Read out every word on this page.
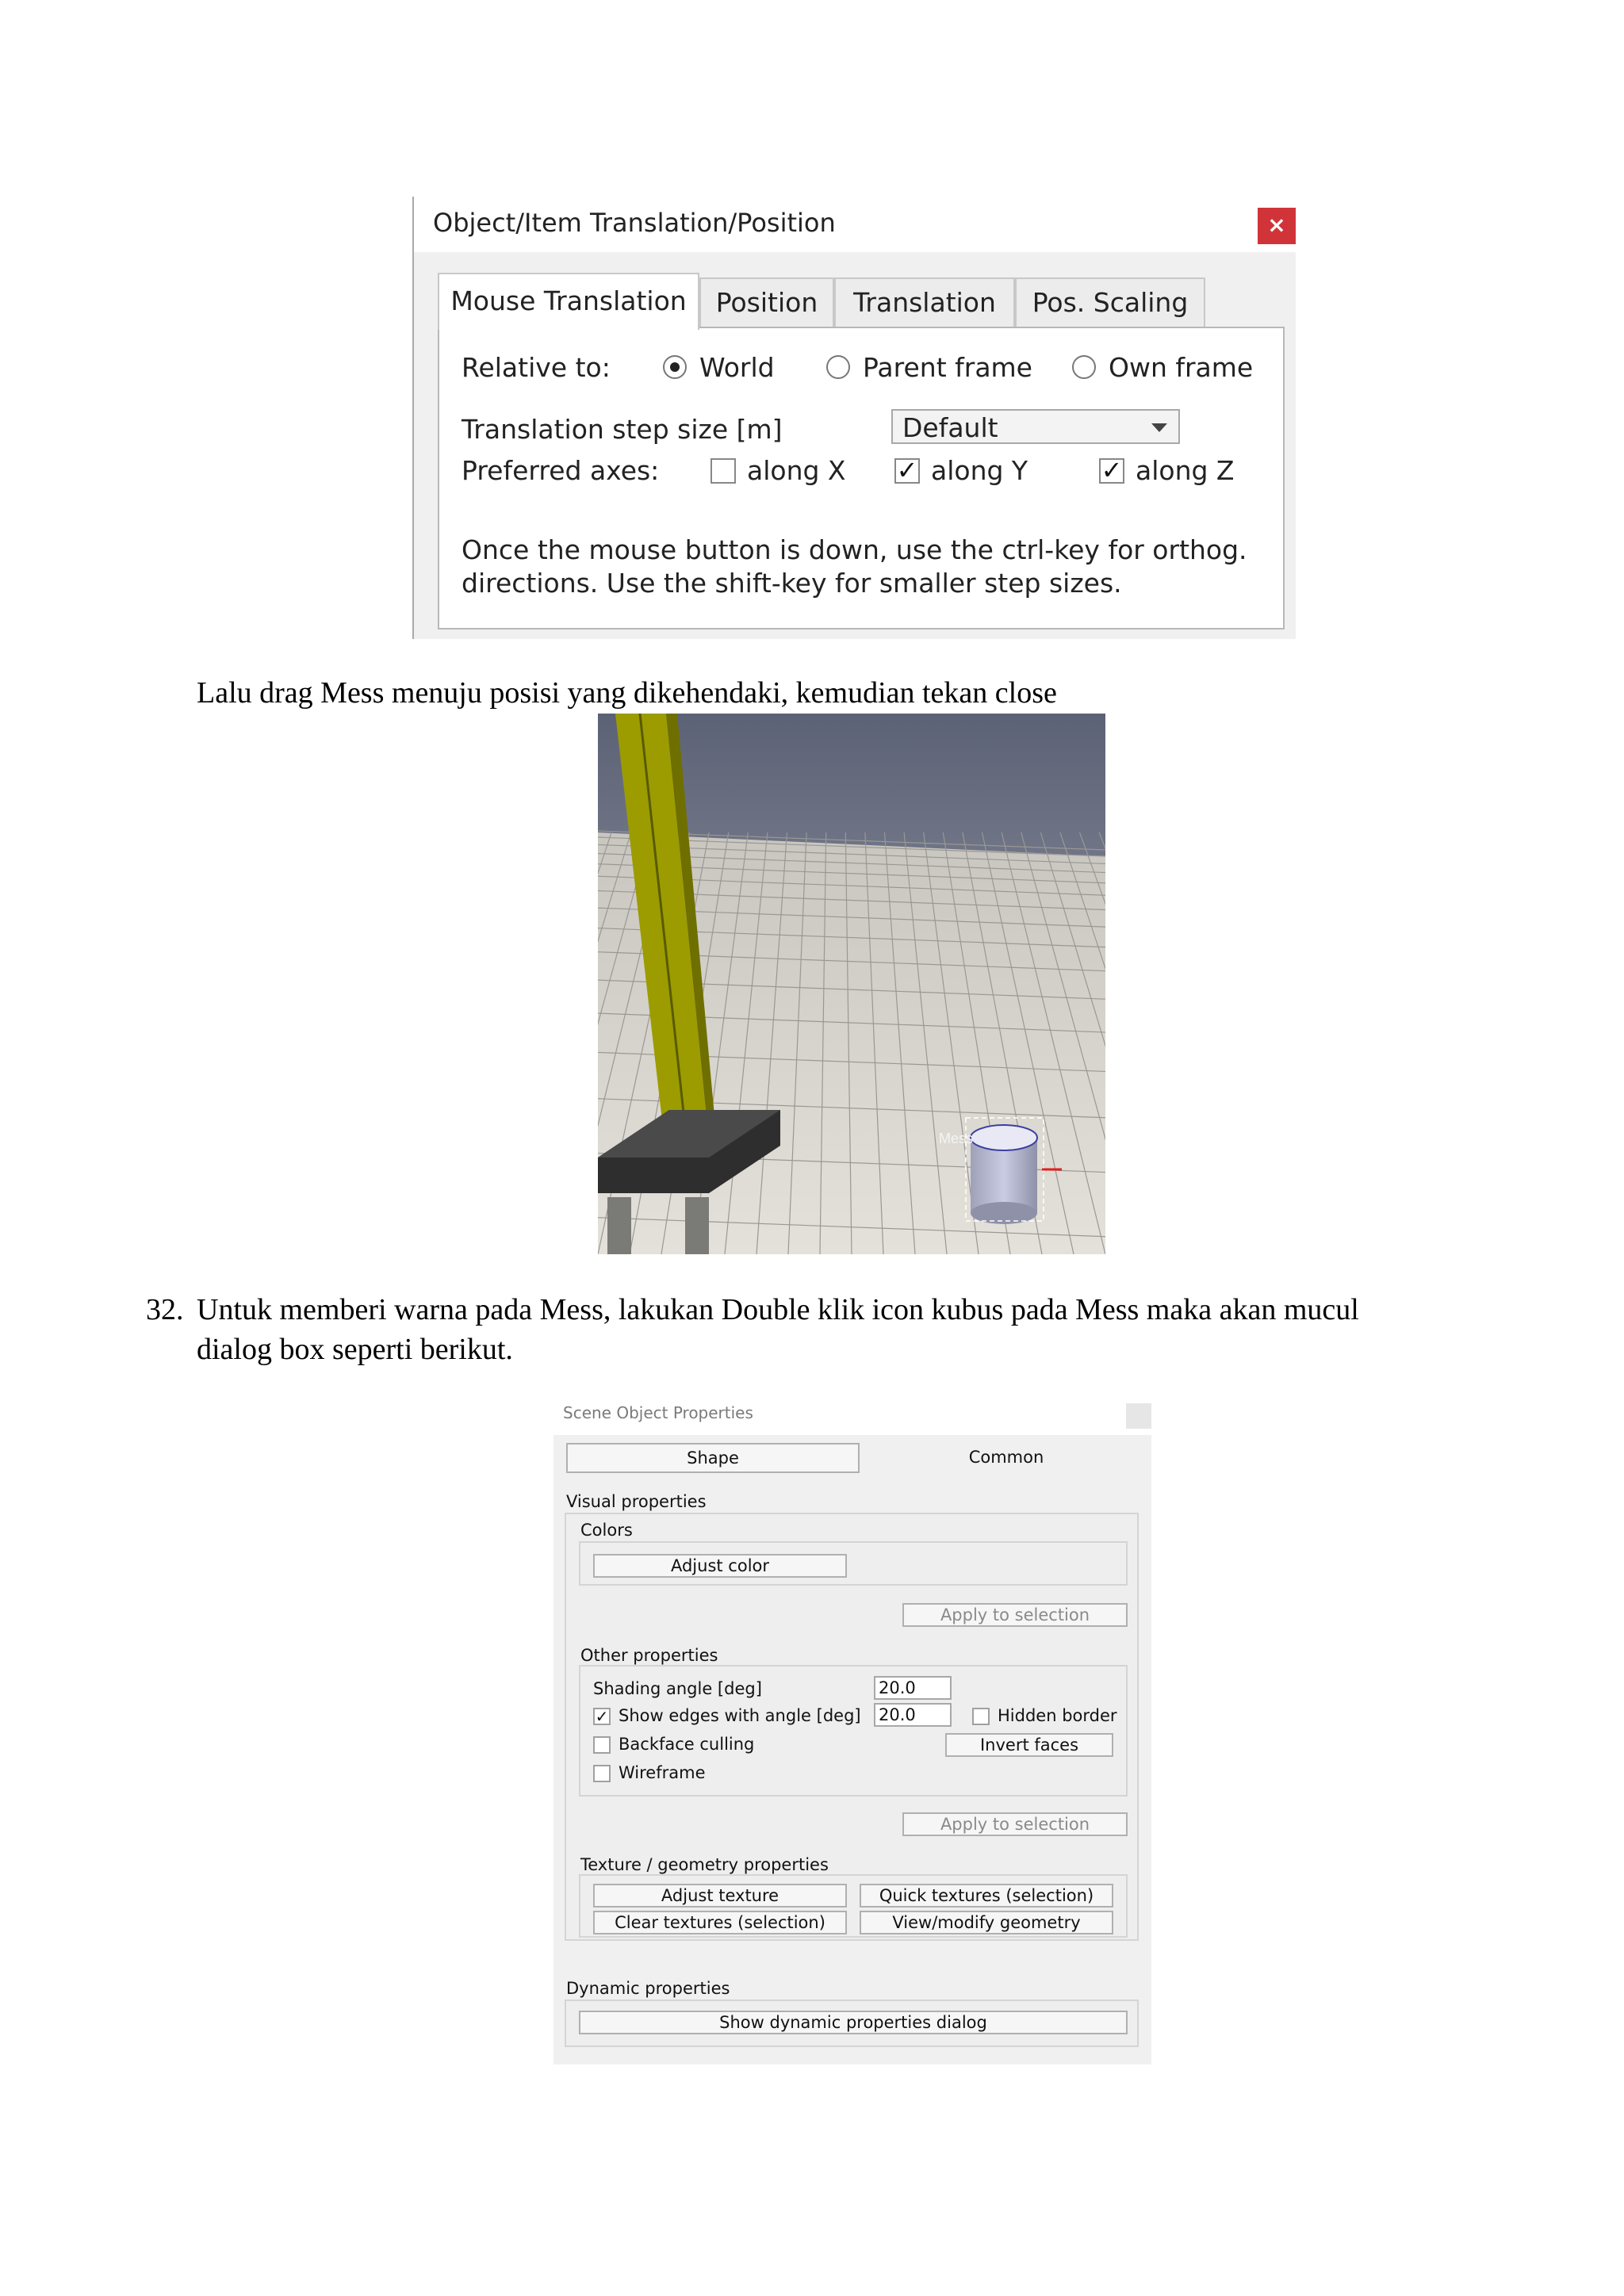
Object/Item Translation/Position	×
Mouse Translation	Position	Translation	Pos. Scaling
Relative to:	World	Parent frame	Own frame
Translation step size [m]	Default
Preferred axes:	along X ✓ along Y	✓ along Z
Once the mouse button is down, use the ctrl-key for orthog.
directions. Use the shift-key for smaller step sizes.
Lalu drag Mess menuju posisi yang dikehendaki, kemudian tekan close
Mess
32. Untuk memberi warna pada Mess, lakukan Double klik icon kubus pada Mess maka akan mucul
dialog box seperti berikut.
Scene Object Properties
Shape	Common
Visual properties
Colors
Adjust color
Apply to selection
Other properties
Shading angle [deg]	20.0
✓ Show edges with angle [deg] 20.0	Hidden border
Backface culling	Invert faces
Wireframe
Apply to selection
Texture / geometry properties
Adjust texture	Quick textures (selection)
Clear textures (selection)	View/modify geometry
Dynamic properties
Show dynamic properties dialog
